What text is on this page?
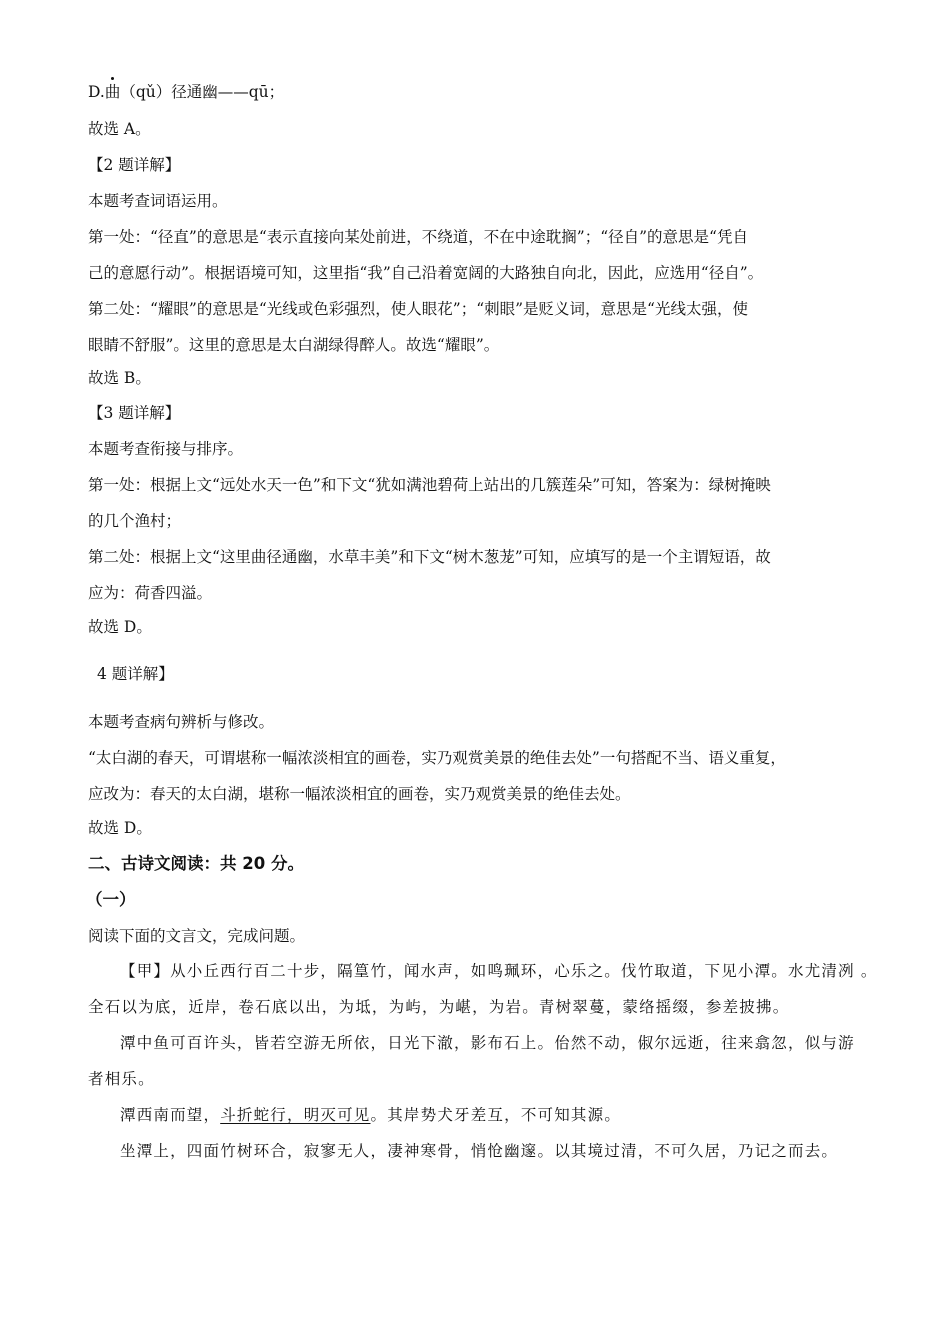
D.曲（qǔ）径通幽——qū；
故选 A。
【2 题详解】
本题考查词语运用。
第一处：“径直”的意思是“表示直接向某处前进，不绕道，不在中途耽搁”；“径自”的意思是“凭自
己的意愿行动”。根据语境可知，这里指“我”自己沿着宽阔的大路独自向北，因此，应选用“径自”。
第二处：“耀眼”的意思是“光线或色彩强烈，使人眼花”；“刺眼”是贬义词，意思是“光线太强，使
眼睛不舒服”。这里的意思是太白湖绿得醉人。故选“耀眼”。
故选 B。
【3 题详解】
本题考查衔接与排序。
第一处：根据上文“远处水天一色”和下文“犹如满池碧荷上站出的几簇莲朵”可知，答案为：绿树掩映
的几个渔村；
第二处：根据上文“这里曲径通幽，水草丰美”和下文“树木葱茏”可知，应填写的是一个主谓短语，故
应为：荷香四溢。
故选 D。
4 题详解】
本题考查病句辨析与修改。
“太白湖的春天，可谓堪称一幅浓淡相宜的画卷，实乃观赏美景的绝佳去处”一句搭配不当、语义重复，
应改为：春天的太白湖，堪称一幅浓淡相宜的画卷，实乃观赏美景的绝佳去处。
故选 D。
二、古诗文阅读：共 20 分。
（一）
阅读下面的文言文，完成问题。
【甲】从小丘西行百二十步，隔篁竹，闻水声，如鸣珮环，心乐之。伐竹取道，下见小潭。水尤清冽 。
全石以为底，近岸，卷石底以出，为坻，为屿，为嵁，为岩。青树翠蔓，蒙络摇缀，参差披拂。
潭中鱼可百许头，皆若空游无所依，日光下澈，影布石上。佁然不动，俶尔远逝，往来翕忽，似与游
者相乐。
潭西南而望，斗折蛇行，明灭可见。其岸势犬牙差互，不可知其源。
坐潭上，四面竹树环合，寂寥无人，凄神寒骨，悄怆幽邃。以其境过清，不可久居，乃记之而去。
